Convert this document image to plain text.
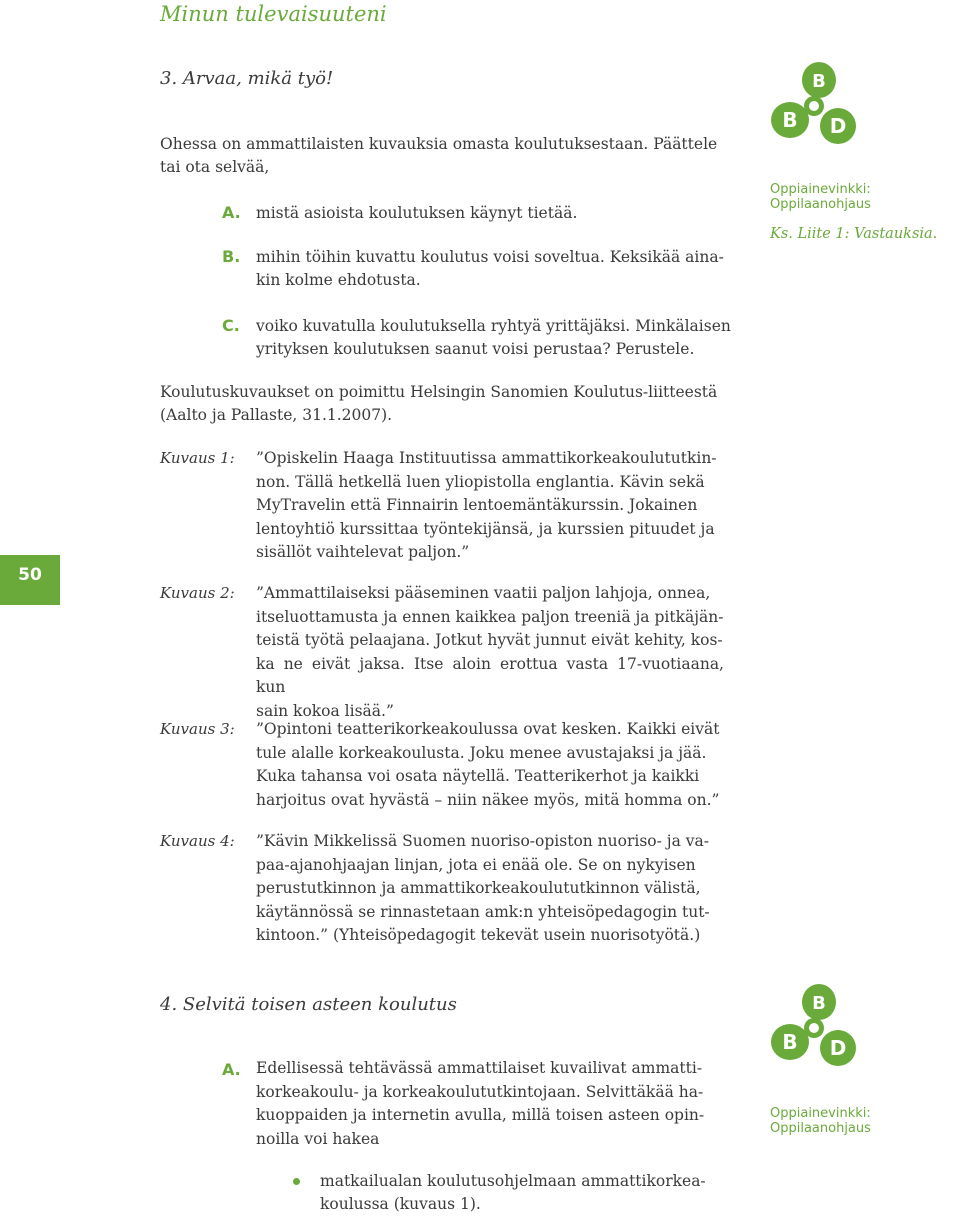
Minun tulevaisuuteni
3. Arvaa, mikä työ!
Ohessa on ammattilaisten kuvauksia omasta koulutuksestaan. Päättele
tai ota selvää,
A. mistä asioista koulutuksen käynyt tietää.
B. mihin töihin kuvattu koulutus voisi soveltua. Keksikää aina-
kin kolme ehdotusta.
C. voiko kuvatulla koulutuksella ryhtyä yrittäjäksi. Minkälaisen
yrityksen koulutuksen saanut voisi perustaa? Perustele.
Koulutuskuvaukset on poimittu Helsingin Sanomien Koulutus-liitteestä
(Aalto ja Pallaste, 31.1.2007).
B
B D
Oppiainevinkki: Oppilaanohjaus
Ks. Liite 1: Vastauksia.
50
Kuvaus 1: ”Opiskelin Haaga Instituutissa ammattikorkeakoulututkin-
non. Tällä hetkellä luen yliopistolla englantia. Kävin sekä
MyTravelin että Finnairin lentoemäntäkurssin. Jokainen
lentoyhtiö kurssittaa työntekijänsä, ja kurssien pituudet ja
sisällöt vaihtelevat paljon.”
Kuvaus 2: ”Ammattilaiseksi pääseminen vaatii paljon lahjoja, onnea,
itseluottamusta ja ennen kaikkea paljon treeniä ja pitkäjän-
teistä työtä pelaajana. Jotkut hyvät junnut eivät kehity, kos-
ka ne eivät jaksa. Itse aloin erottua vasta 17-vuotiaana, kun
sain kokoa lisää.”
Kuvaus 3: ”Opintoni teatterikorkeakoulussa ovat kesken. Kaikki eivät
tule alalle korkeakoulusta. Joku menee avustajaksi ja jää.
Kuka tahansa voi osata näytellä. Teatterikerhot ja kaikki
harjoitus ovat hyvästä – niin näkee myös, mitä homma on.”
Kuvaus 4: ”Kävin Mikkelissä Suomen nuoriso-opiston nuoriso- ja va-
paa-ajanohjaajan linjan, jota ei enää ole. Se on nykyisen
perustutkinnon ja ammattikorkeakoulututkinnon välistä,
käytännössä se rinnastetaan amk:n yhteisöpedagogin tut-
kintoon.” (Yhteisöpedagogit tekevät usein nuorisotyötä.)
4. Selvitä toisen asteen koulutus	B
B D
Oppiainevinkki: Oppilaanohjaus
A. Edellisessä tehtävässä ammattilaiset kuvailivat ammatti-
korkeakoulu- ja korkeakoulututkintojaan. Selvittäkää ha-
kuoppaiden ja internetin avulla, millä toisen asteen opin-
noilla voi hakea
matkailualan koulutusohjelmaan ammattikorkea-
koulussa (kuvaus 1).
